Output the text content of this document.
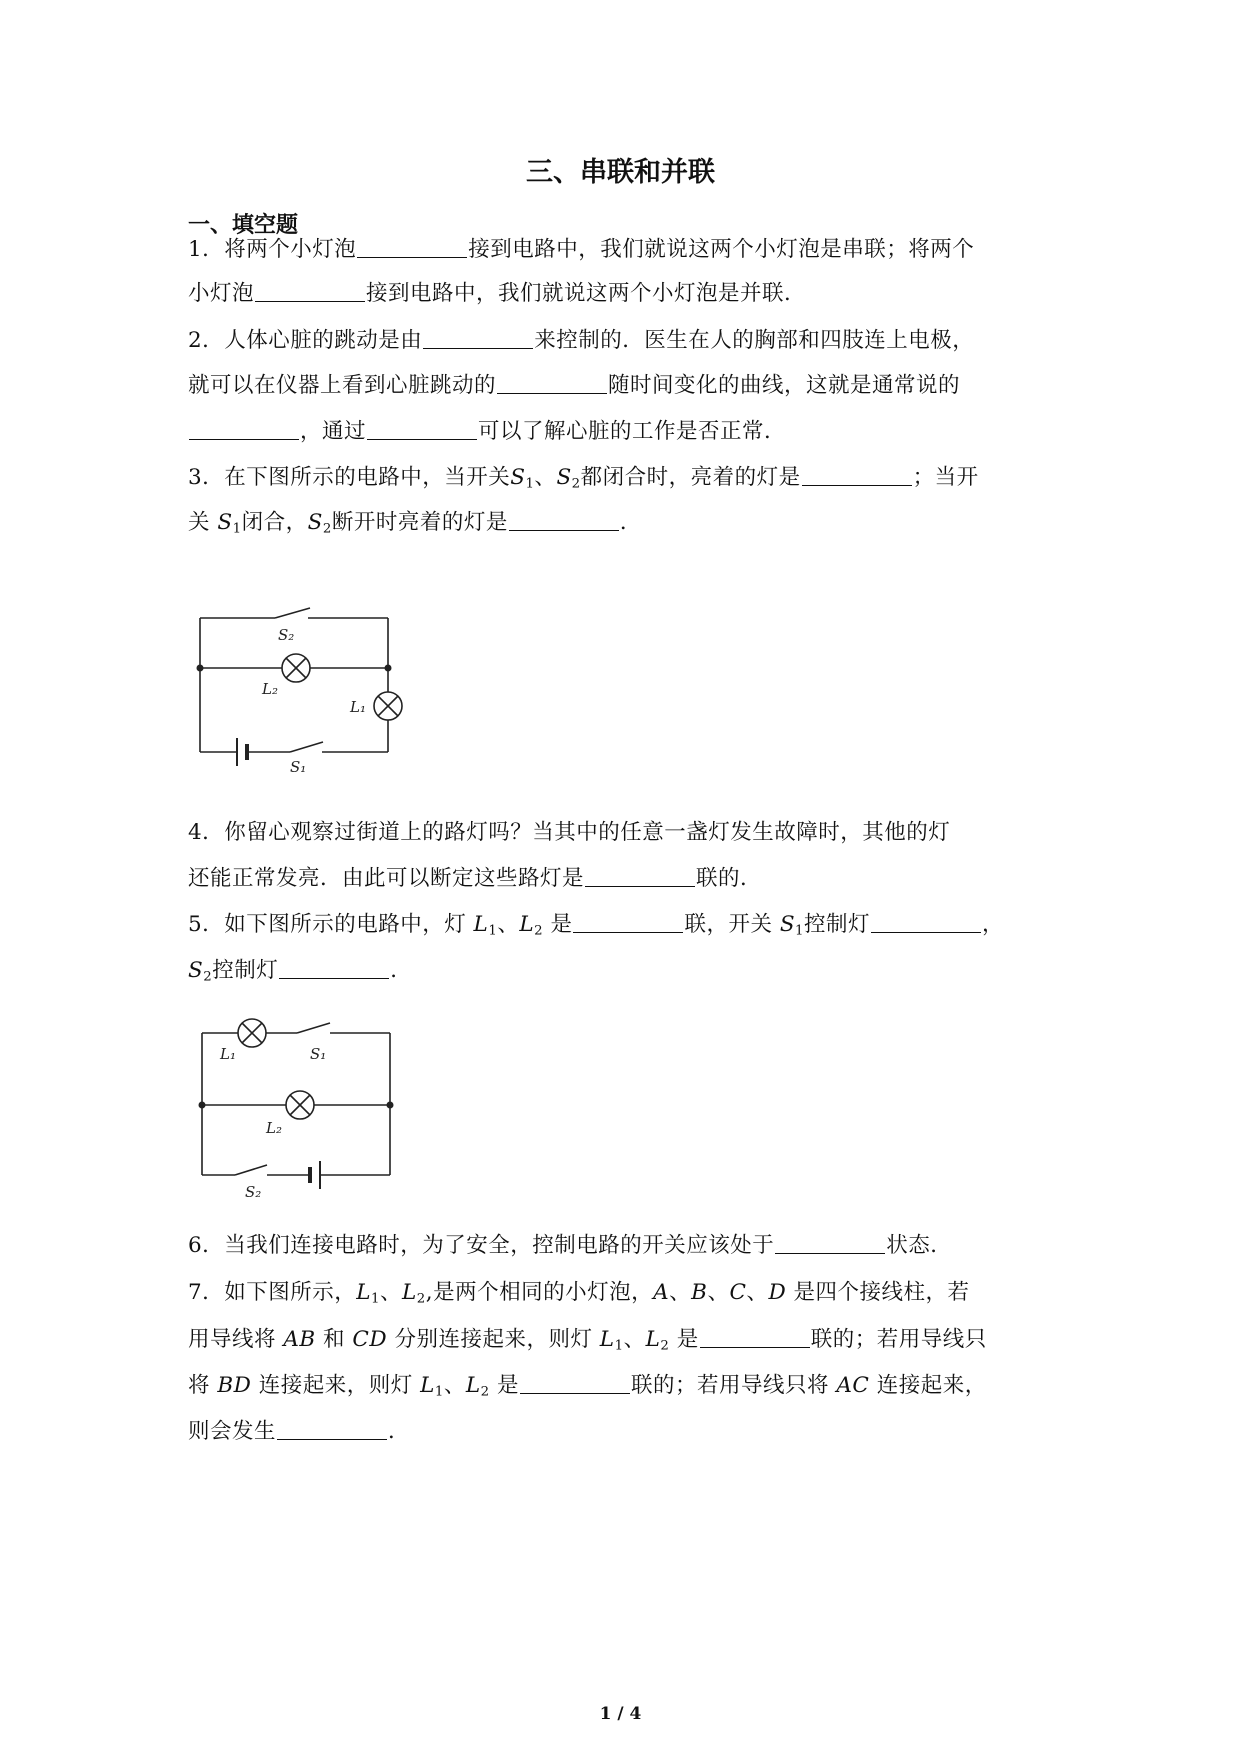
三、串联和并联
一、填空题
1．将两个小灯泡	接到电路中，我们就说这两个小灯泡是串联；将两个
小灯泡	接到电路中，我们就说这两个小灯泡是并联．
2．人体心脏的跳动是由	来控制的．医生在人的胸部和四肢连上电极，
就可以在仪器上看到心脏跳动的	随时间变化的曲线，这就是通常说的
，通过	可以了解心脏的工作是否正常．
3．在下图所示的电路中，当开关$S_1$、$S_2$都闭合时，亮着的灯是	；当开
关 $S_1$闭合，$S_2$断开时亮着的灯是	．
S₂
L₂
L₁
S₁
4．你留心观察过街道上的路灯吗？当其中的任意一盏灯发生故障时，其他的灯
还能正常发亮．由此可以断定这些路灯是	联的．
5．如下图所示的电路中，灯 $L_1$、$L_2$ 是	联，开关 $S_1$控制灯	，
$S_2$控制灯	．
L₁	S₁
L₂
S₂
6．当我们连接电路时，为了安全，控制电路的开关应该处于	状态．
7．如下图所示，$L_1$、$L_2$,是两个相同的小灯泡，A、B、C、D 是四个接线柱，若
用导线将 AB 和 CD 分别连接起来，则灯 $L_1$、$L_2$ 是	联的；若用导线只
将 BD 连接起来，则灯 $L_1$、$L_2$ 是	联的；若用导线只将 AC 连接起来，
则会发生	．
1 / 4
